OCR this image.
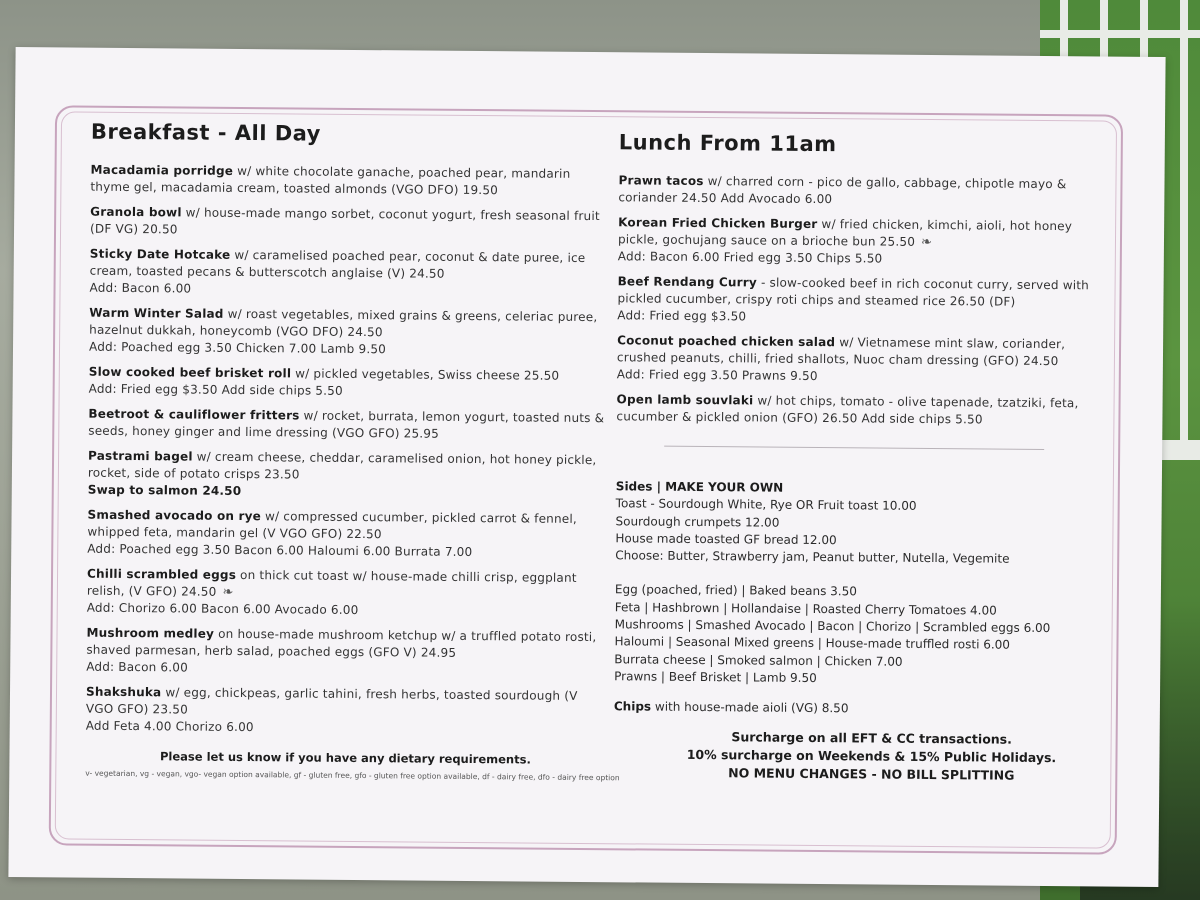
Breakfast - All Day
Macadamia porridge w/ white chocolate ganache, poached pear, mandarin thyme gel, macadamia cream, toasted almonds (VGO DFO) 19.50
Granola bowl w/ house-made mango sorbet, coconut yogurt, fresh seasonal fruit (DF VG) 20.50
Sticky Date Hotcake w/ caramelised poached pear, coconut & date puree, ice cream, toasted pecans & butterscotch anglaise (V) 24.50
Add: Bacon 6.00
Warm Winter Salad w/ roast vegetables, mixed grains & greens, celeriac puree, hazelnut dukkah, honeycomb (VGO DFO) 24.50
Add: Poached egg 3.50 Chicken 7.00 Lamb 9.50
Slow cooked beef brisket roll w/ pickled vegetables, Swiss cheese 25.50
Add: Fried egg $3.50 Add side chips 5.50
Beetroot & cauliflower fritters w/ rocket, burrata, lemon yogurt, toasted nuts & seeds, honey ginger and lime dressing (VGO GFO) 25.95
Pastrami bagel w/ cream cheese, cheddar, caramelised onion, hot honey pickle, rocket, side of potato crisps 23.50
Swap to salmon 24.50
Smashed avocado on rye w/ compressed cucumber, pickled carrot & fennel, whipped feta, mandarin gel (V VGO GFO) 22.50
Add: Poached egg 3.50 Bacon 6.00 Haloumi 6.00 Burrata 7.00
Chilli scrambled eggs on thick cut toast w/ house-made chilli crisp, eggplant relish, (V GFO) 24.50 ❧
Add: Chorizo 6.00 Bacon 6.00 Avocado 6.00
Mushroom medley on house-made mushroom ketchup w/ a truffled potato rosti, shaved parmesan, herb salad, poached eggs (GFO V) 24.95
Add: Bacon 6.00
Shakshuka w/ egg, chickpeas, garlic tahini, fresh herbs, toasted sourdough (V VGO GFO) 23.50
Add Feta 4.00 Chorizo 6.00
Please let us know if you have any dietary requirements.
v- vegetarian, vg - vegan, vgo- vegan option available, gf - gluten free, gfo - gluten free option available, df - dairy free, dfo - dairy free option
Lunch From 11am
Prawn tacos w/ charred corn - pico de gallo, cabbage, chipotle mayo & coriander 24.50 Add Avocado 6.00
Korean Fried Chicken Burger w/ fried chicken, kimchi, aioli, hot honey pickle, gochujang sauce on a brioche bun 25.50 ❧
Add: Bacon 6.00 Fried egg 3.50 Chips 5.50
Beef Rendang Curry - slow-cooked beef in rich coconut curry, served with pickled cucumber, crispy roti chips and steamed rice 26.50 (DF)
Add: Fried egg $3.50
Coconut poached chicken salad w/ Vietnamese mint slaw, coriander, crushed peanuts, chilli, fried shallots, Nuoc cham dressing (GFO) 24.50
Add: Fried egg 3.50 Prawns 9.50
Open lamb souvlaki w/ hot chips, tomato - olive tapenade, tzatziki, feta, cucumber & pickled onion (GFO) 26.50 Add side chips 5.50
Sides | MAKE YOUR OWN
Toast - Sourdough White, Rye OR Fruit toast 10.00
Sourdough crumpets 12.00
House made toasted GF bread 12.00
Choose: Butter, Strawberry jam, Peanut butter, Nutella, Vegemite
Egg (poached, fried) | Baked beans 3.50
Feta | Hashbrown | Hollandaise | Roasted Cherry Tomatoes 4.00
Mushrooms | Smashed Avocado | Bacon | Chorizo | Scrambled eggs 6.00
Haloumi | Seasonal Mixed greens | House-made truffled rosti 6.00
Burrata cheese | Smoked salmon | Chicken 7.00
Prawns | Beef Brisket | Lamb 9.50
Chips with house-made aioli (VG) 8.50
Surcharge on all EFT & CC transactions.
10% surcharge on Weekends & 15% Public Holidays.
NO MENU CHANGES - NO BILL SPLITTING
